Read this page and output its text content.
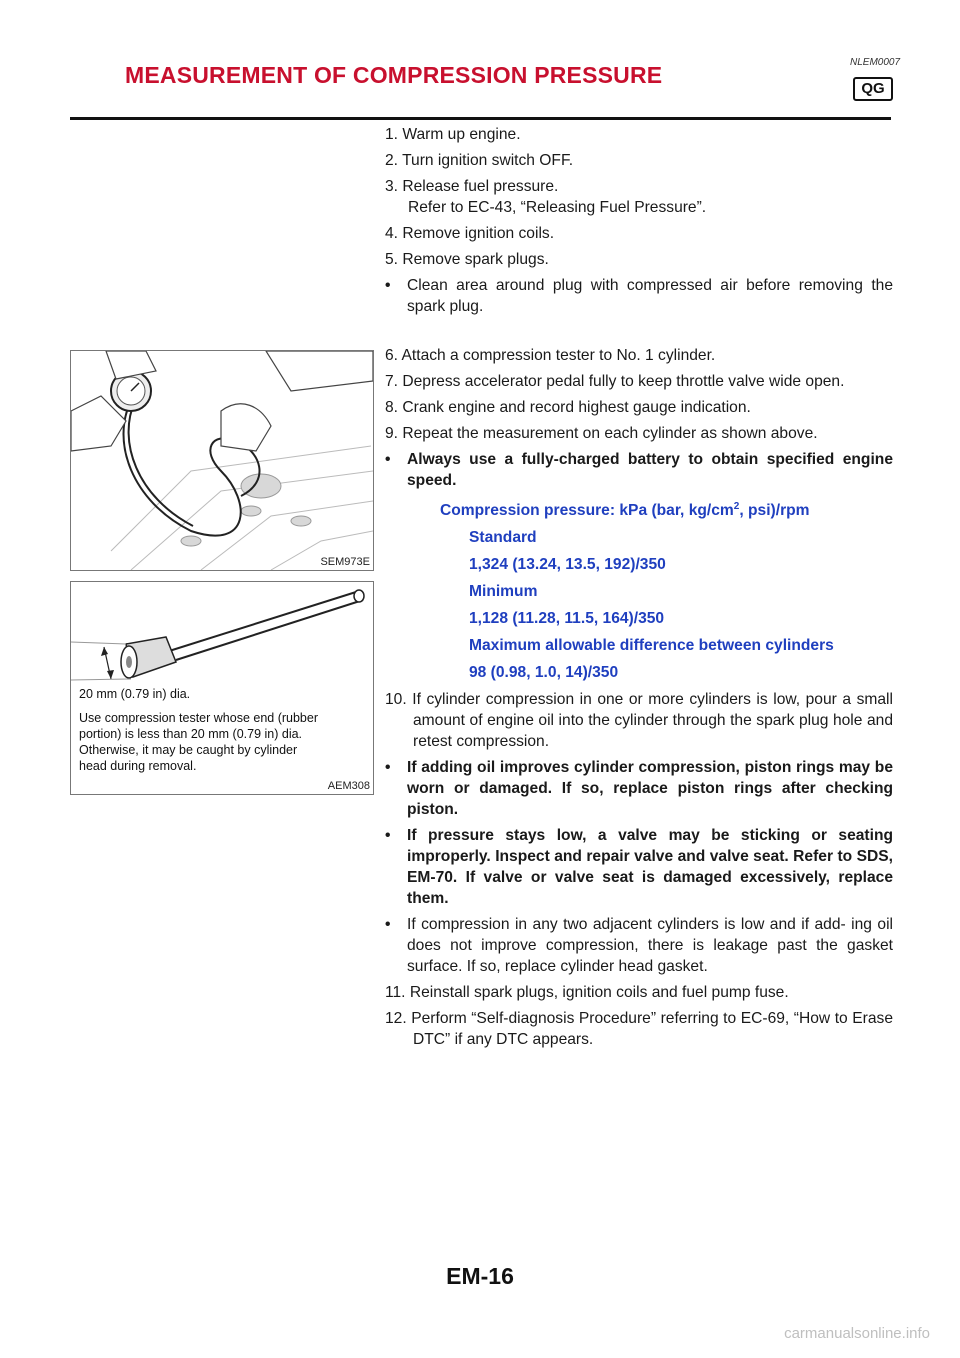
NLEM0007
MEASUREMENT OF COMPRESSION PRESSURE
QG

1. Warm up engine.

2. Turn ignition switch OFF.

3. Release fuel pressure.
Refer to EC-43, “Releasing Fuel Pressure”.

4. Remove ignition coils.

5. Remove spark plugs.

•	Clean area around plug with compressed air before removing the spark plug.
SEM973E
20 mm (0.79 in) dia.
Use compression tester whose end (rubber
portion) is less than 20 mm (0.79 in) dia.
Otherwise, it may be caught by cylinder
head during removal.
AEM308

6. Attach a compression tester to No. 1 cylinder.

7. Depress accelerator pedal fully to keep throttle valve wide open.

8. Crank engine and record highest gauge indication.

9. Repeat the measurement on each cylinder as shown above.

•	Always use a fully-charged battery to obtain specified engine speed.
Compression pressure: kPa (bar, $kg/cm^2$, psi)/rpm
Standard
1,324 (13.24, 13.5, 192)/350
Minimum
1,128 (11.28, 11.5, 164)/350
Maximum allowable difference between cylinders
98 (0.98, 1.0, 14)/350

10. If cylinder compression in one or more cylinders is low, pour a small amount of engine oil into the cylinder through the spark plug hole and retest compression.

•	If adding oil improves cylinder compression, piston rings may be worn or damaged. If so, replace piston rings after checking piston.
•	If pressure stays low, a valve may be sticking or seating improperly. Inspect and repair valve and valve seat. Refer to SDS, EM-70. If valve or valve seat is damaged excessively, replace them.
•	If compression in any two adjacent cylinders is low and if add- ing oil does not improve compression, there is leakage past the gasket surface. If so, replace cylinder head gasket.

11. Reinstall spark plugs, ignition coils and fuel pump fuse.

12. Perform “Self-diagnosis Procedure” referring to EC-69, “How to Erase DTC” if any DTC appears.

EM-16
carmanualsonline.info
